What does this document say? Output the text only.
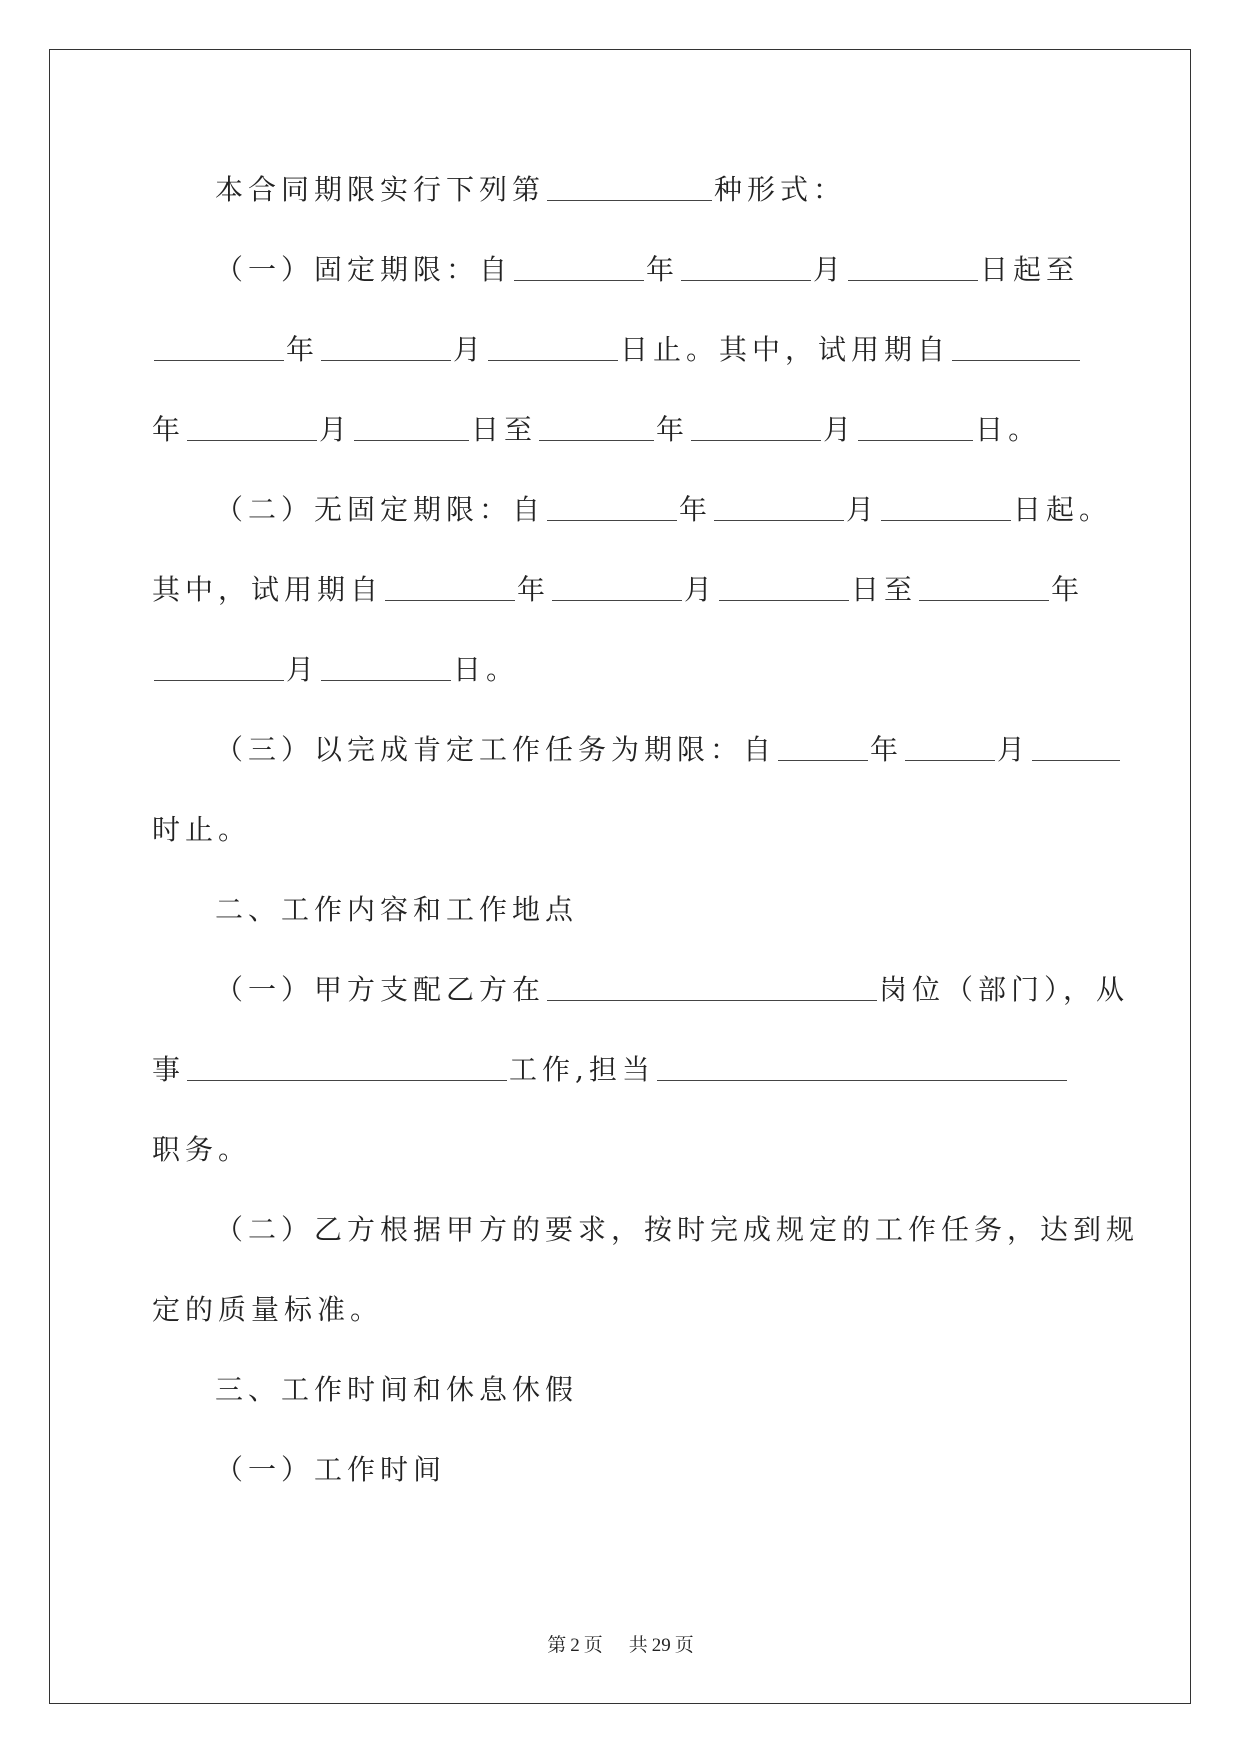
本合同期限实行下列第	种形式：
（一）固定期限：自	年	月	日起至
年	月	日止。其中，试用期自
年	月	日至	年	月	日。
（二）无固定期限：自	年	月	日起。
其中，试用期自	年	月	日至	年
月	日。
（三）以完成肯定工作任务为期限：自	年	月
时止。
二、工作内容和工作地点
（一）甲方支配乙方在	岗位（部门），从
事	工作,担当
职务。
（二）乙方根据甲方的要求，按时完成规定的工作任务，达到规
定的质量标准。
三、工作时间和休息休假
（一）工作时间
第 2 页 共 29 页
